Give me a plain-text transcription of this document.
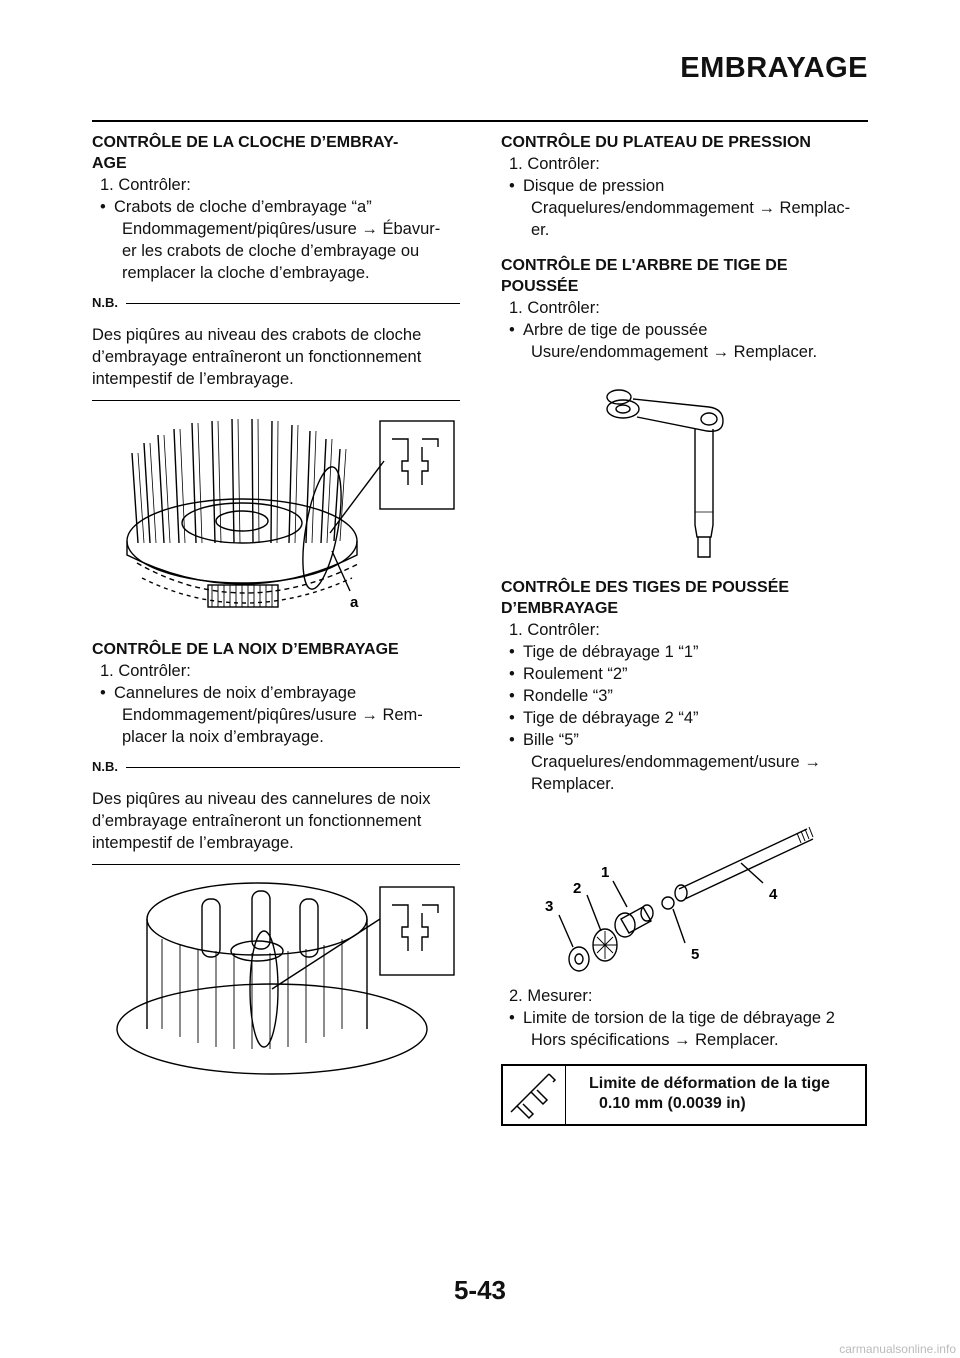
EMBRAYAGE
CONTRÔLE DE LA CLOCHE D’EMBRAY-
AGE
1. Contrôler:
• Crabots de cloche d’embrayage “a”
Endommagement/piqûres/usure → Ébavur-
er les crabots de cloche d’embrayage ou
remplacer la cloche d’embrayage.
N.B.
Des piqûres au niveau des crabots de cloche
d’embrayage entraîneront un fonctionnement
intempestif de l’embrayage.
a
CONTRÔLE DE LA NOIX D’EMBRAYAGE
1. Contrôler:
• Cannelures de noix d’embrayage
Endommagement/piqûres/usure → Rem-
placer la noix d’embrayage.
N.B.
Des piqûres au niveau des cannelures de noix
d’embrayage entraîneront un fonctionnement
intempestif de l’embrayage.
CONTRÔLE DU PLATEAU DE PRESSION
1. Contrôler:
• Disque de pression
Craquelures/endommagement → Remplac-
er.
CONTRÔLE DE L'ARBRE DE TIGE DE
POUSSÉE
1. Contrôler:
• Arbre de tige de poussée
Usure/endommagement → Remplacer.
CONTRÔLE DES TIGES DE POUSSÉE
D’EMBRAYAGE
1. Contrôler:
• Tige de débrayage 1 “1”
• Roulement “2”
• Rondelle “3”
• Tige de débrayage 2 “4”
• Bille “5”
Craquelures/endommagement/usure →
Remplacer.
1
2
3
4
5
2. Mesurer:
• Limite de torsion de la tige de débrayage 2
Hors spécifications → Remplacer.
Limite de déformation de la tige
0.10 mm (0.0039 in)
5-43
carmanualsonline.info
